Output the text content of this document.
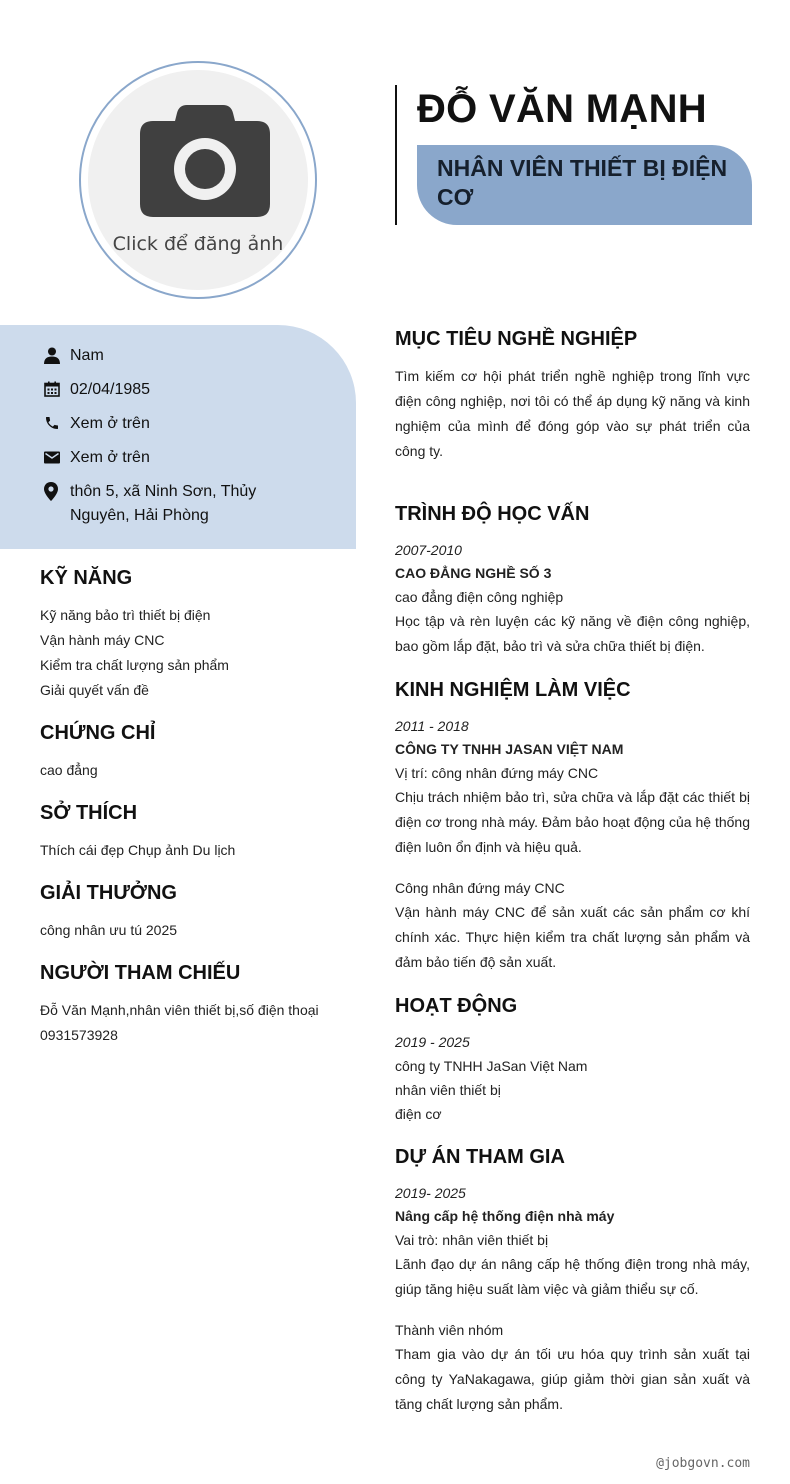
Click để đăng ảnh
ĐỖ VĂN MẠNH
NHÂN VIÊN THIẾT BỊ ĐIỆN CƠ
Nam
02/04/1985
Xem ở trên
Xem ở trên
thôn 5, xã Ninh Sơn, Thủy Nguyên, Hải Phòng
KỸ NĂNG
Kỹ năng bảo trì thiết bị điện
Vận hành máy CNC
Kiểm tra chất lượng sản phẩm
Giải quyết vấn đề
CHỨNG CHỈ
cao đẳng
SỞ THÍCH
Thích cái đẹp Chụp ảnh Du lịch
GIẢI THƯỞNG
công nhân ưu tú 2025
NGƯỜI THAM CHIẾU
Đỗ Văn Mạnh,nhân viên thiết bị,số điện thoại 0931573928
MỤC TIÊU NGHỀ NGHIỆP
Tìm kiếm cơ hội phát triển nghề nghiệp trong lĩnh vực điện công nghiệp, nơi tôi có thể áp dụng kỹ năng và kinh nghiệm của mình để đóng góp vào sự phát triển của công ty.
TRÌNH ĐỘ HỌC VẤN
2007-2010
CAO ĐẲNG NGHỀ SỐ 3
cao đẳng điện công nghiệp
Học tập và rèn luyện các kỹ năng về điện công nghiệp, bao gồm lắp đặt, bảo trì và sửa chữa thiết bị điện.
KINH NGHIỆM LÀM VIỆC
2011 - 2018
CÔNG TY TNHH JASAN VIỆT NAM
Vị trí: công nhân đứng máy CNC
Chịu trách nhiệm bảo trì, sửa chữa và lắp đặt các thiết bị điện cơ trong nhà máy. Đảm bảo hoạt động của hệ thống điện luôn ổn định và hiệu quả.
Công nhân đứng máy CNC
Vận hành máy CNC để sản xuất các sản phẩm cơ khí chính xác. Thực hiện kiểm tra chất lượng sản phẩm và đảm bảo tiến độ sản xuất.
HOẠT ĐỘNG
2019 - 2025
công ty TNHH JaSan Việt Nam
nhân viên thiết bị
điện cơ
DỰ ÁN THAM GIA
2019- 2025
Nâng cấp hệ thống điện nhà máy
Vai trò: nhân viên thiết bị
Lãnh đạo dự án nâng cấp hệ thống điện trong nhà máy, giúp tăng hiệu suất làm việc và giảm thiểu sự cố.
Thành viên nhóm
Tham gia vào dự án tối ưu hóa quy trình sản xuất tại công ty YaNakagawa, giúp giảm thời gian sản xuất và tăng chất lượng sản phẩm.
@jobgovn.com
